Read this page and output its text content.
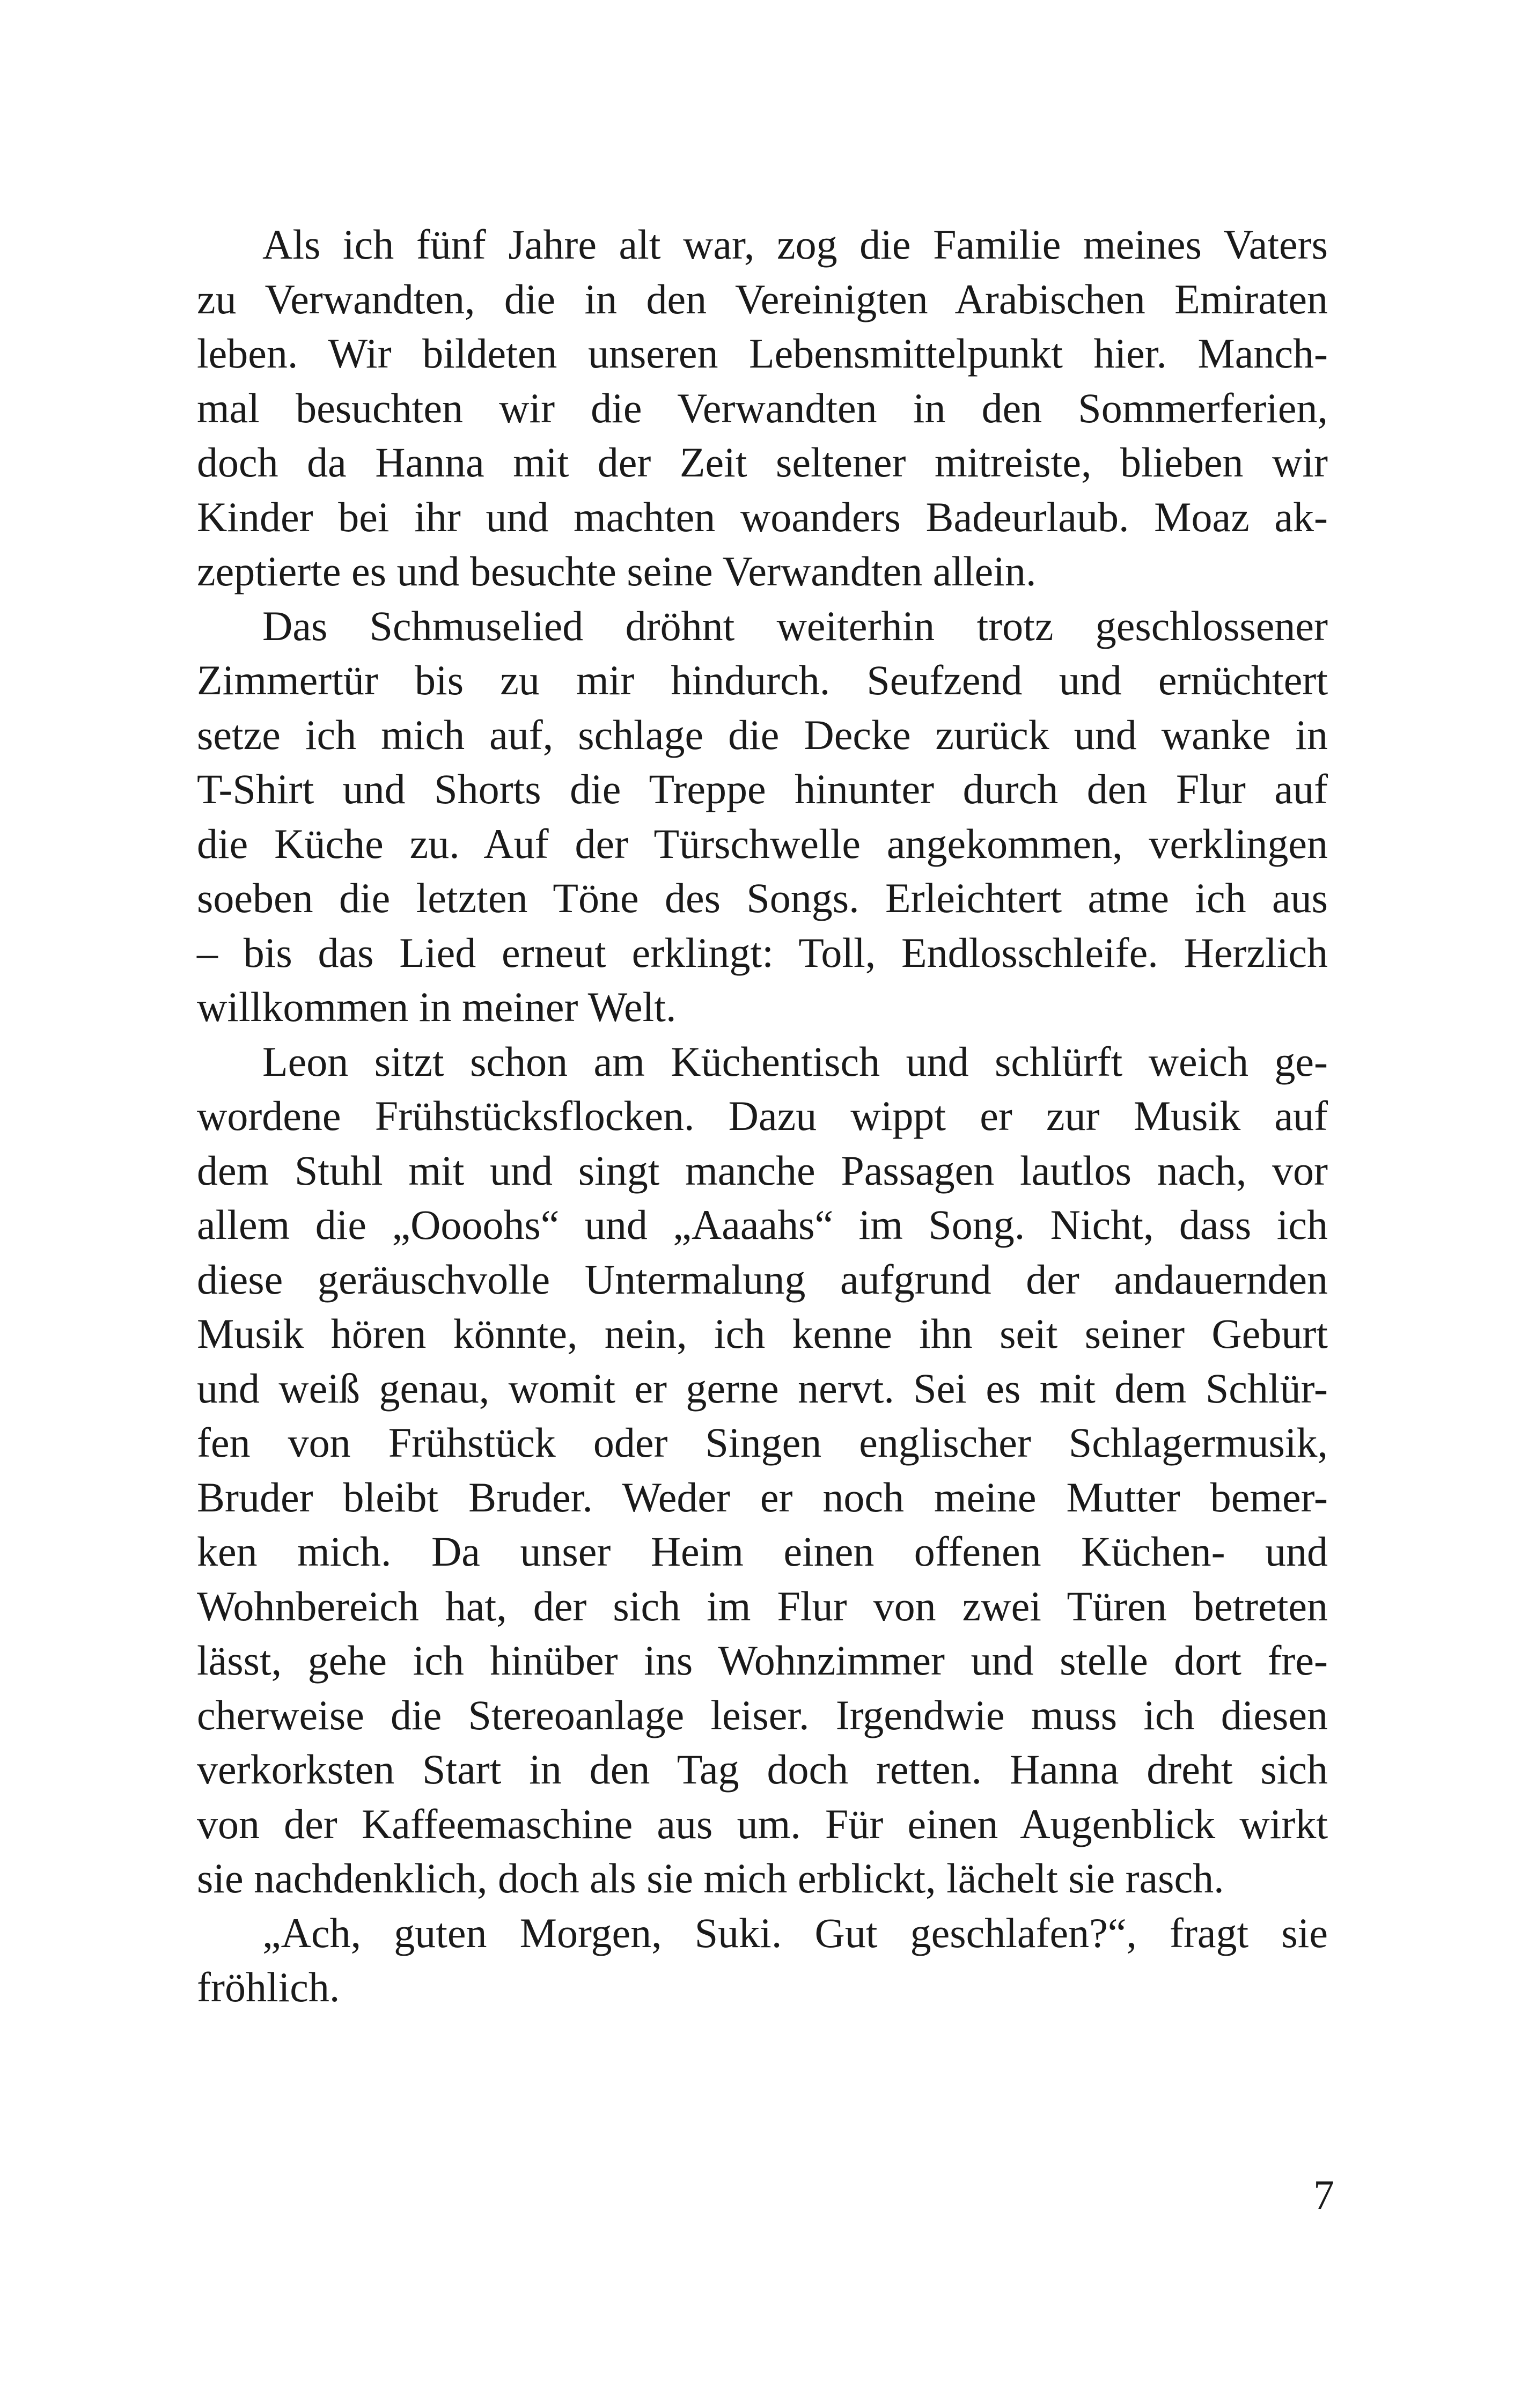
Als ich fünf Jahre alt war, zog die Familie meines Vaters
zu Verwandten, die in den Vereinigten Arabischen Emiraten
leben. Wir bildeten unseren Lebensmittelpunkt hier. Manch-
mal besuchten wir die Verwandten in den Sommerferien,
doch da Hanna mit der Zeit seltener mitreiste, blieben wir
Kinder bei ihr und machten woanders Badeurlaub. Moaz ak-
zeptierte es und besuchte seine Verwandten allein.
Das Schmuselied dröhnt weiterhin trotz geschlossener
Zimmertür bis zu mir hindurch. Seufzend und ernüchtert
setze ich mich auf, schlage die Decke zurück und wanke in
T-Shirt und Shorts die Treppe hinunter durch den Flur auf
die Küche zu. Auf der Türschwelle angekommen, verklingen
soeben die letzten Töne des Songs. Erleichtert atme ich aus
– bis das Lied erneut erklingt: Toll, Endlosschleife. Herzlich
willkommen in meiner Welt.
Leon sitzt schon am Küchentisch und schlürft weich ge-
wordene Frühstücksflocken. Dazu wippt er zur Musik auf
dem Stuhl mit und singt manche Passagen lautlos nach, vor
allem die „Oooohs“ und „Aaaahs“ im Song. Nicht, dass ich
diese geräuschvolle Untermalung aufgrund der andauernden
Musik hören könnte, nein, ich kenne ihn seit seiner Geburt
und weiß genau, womit er gerne nervt. Sei es mit dem Schlür-
fen von Frühstück oder Singen englischer Schlagermusik,
Bruder bleibt Bruder. Weder er noch meine Mutter bemer-
ken mich. Da unser Heim einen offenen Küchen- und
Wohnbereich hat, der sich im Flur von zwei Türen betreten
lässt, gehe ich hinüber ins Wohnzimmer und stelle dort fre-
cherweise die Stereoanlage leiser. Irgendwie muss ich diesen
verkorksten Start in den Tag doch retten. Hanna dreht sich
von der Kaffeemaschine aus um. Für einen Augenblick wirkt
sie nachdenklich, doch als sie mich erblickt, lächelt sie rasch.
„Ach, guten Morgen, Suki. Gut geschlafen?“, fragt sie
fröhlich.
7
